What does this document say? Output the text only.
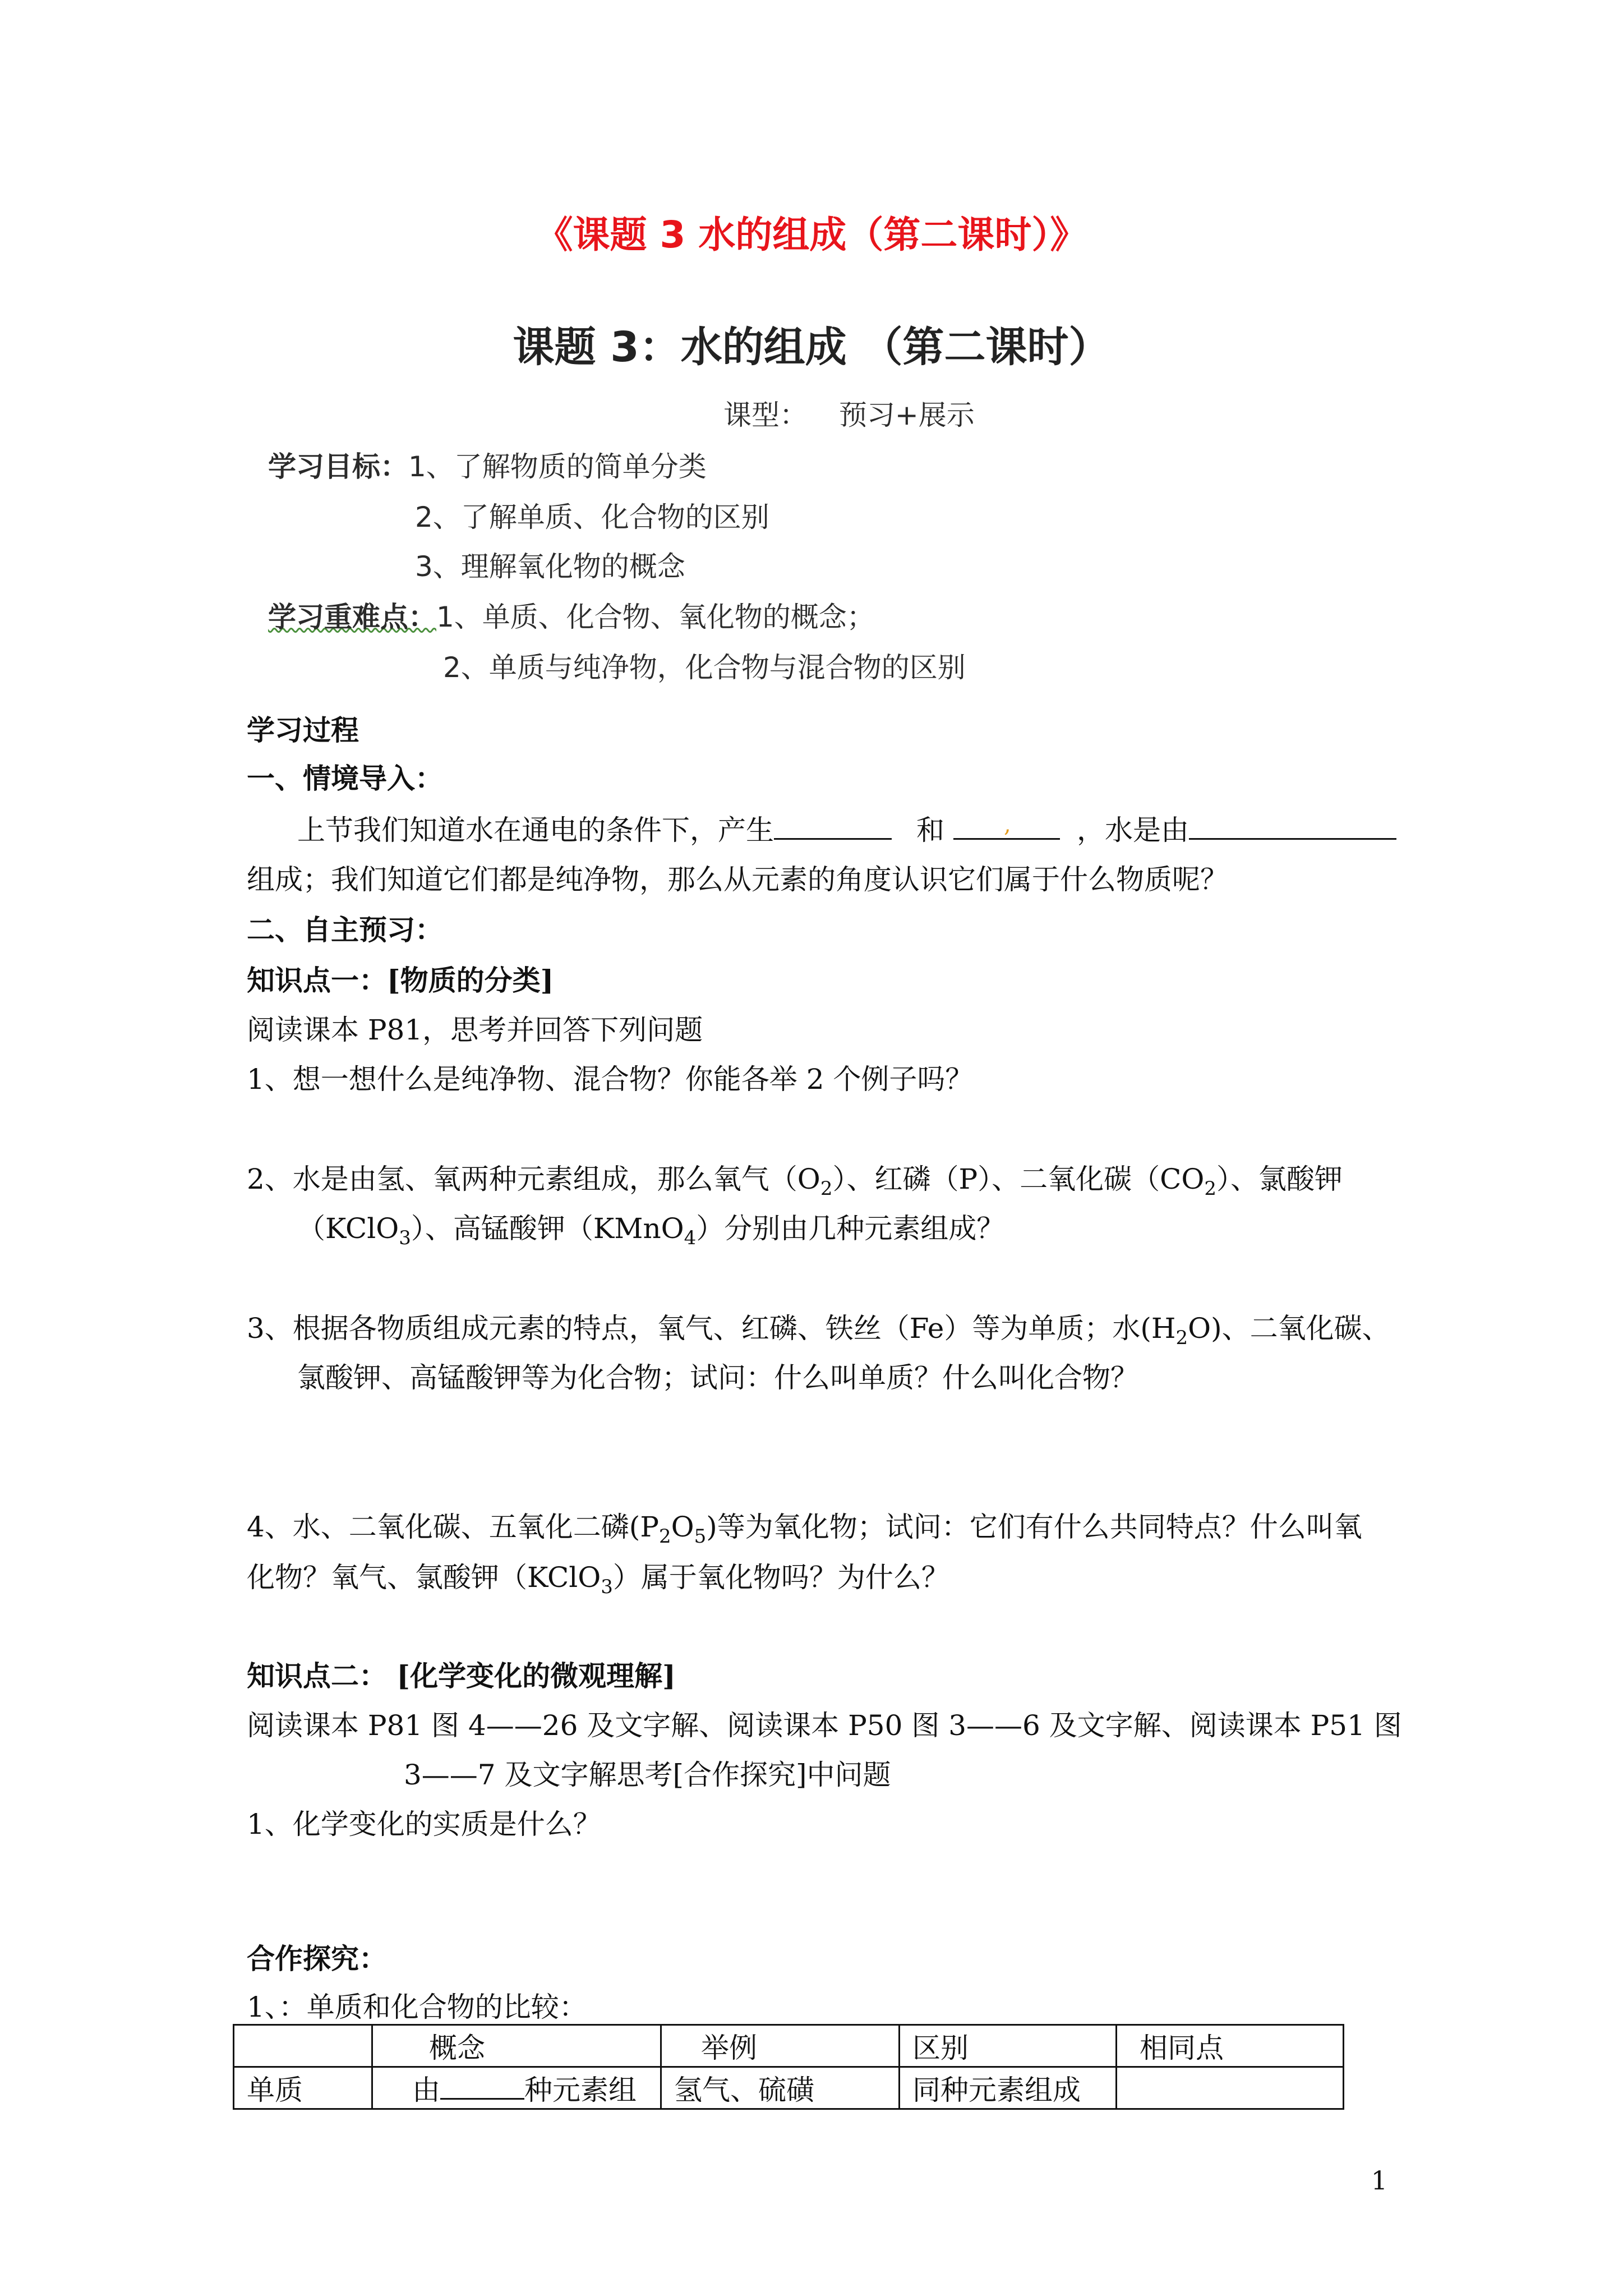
《课题 3 水的组成（第二课时）》
课题 3：水的组成 （第二课时）
课型： 预习+展示
学习目标：1、了解物质的简单分类
2、了解单质、化合物的区别
3、理解氧化物的概念
学习重难点：1、单质、化合物、氧化物的概念；
2、单质与纯净物，化合物与混合物的区别
学习过程
一、情境导入：
上节我们知道水在通电的条件下，产生	和	, ，水是由
组成；我们知道它们都是纯净物，那么从元素的角度认识它们属于什么物质呢？
二、自主预习：
知识点一：[物质的分类]
阅读课本 P81，思考并回答下列问题
1、想一想什么是纯净物、混合物？你能各举 2 个例子吗？
2、水是由氢、氧两种元素组成，那么氧气$(O_2)$、红磷（P）、二氧化碳$(CO_2)$、氯酸钾
（KClO$_3$）、高锰酸钾（KMnO$_4$）分别由几种元素组成？
3、根据各物质组成元素的特点，氧气、红磷、铁丝（Fe）等为单质；水$(H_2O)$、二氧化碳、
氯酸钾、高锰酸钾等为化合物；试问：什么叫单质？什么叫化合物？
4、水、二氧化碳、五氧化二磷$(P_2O_5)$等为氧化物；试问：它们有什么共同特点？什么叫氧
化物？氧气、氯酸钾（KClO$_3$）属于氧化物吗？为什么？
知识点二： [化学变化的微观理解]
阅读课本 P81 图 4——26 及文字解、阅读课本 P50 图 3——6 及文字解、阅读课本 P51 图
3——7 及文字解思考[合作探究]中问题
1、化学变化的实质是什么？
合作探究：
1、：单质和化合物的比较：
	概念	举例	区别	相同点
单质	由 种元素组	氢气、硫磺	同种元素组成	
1
